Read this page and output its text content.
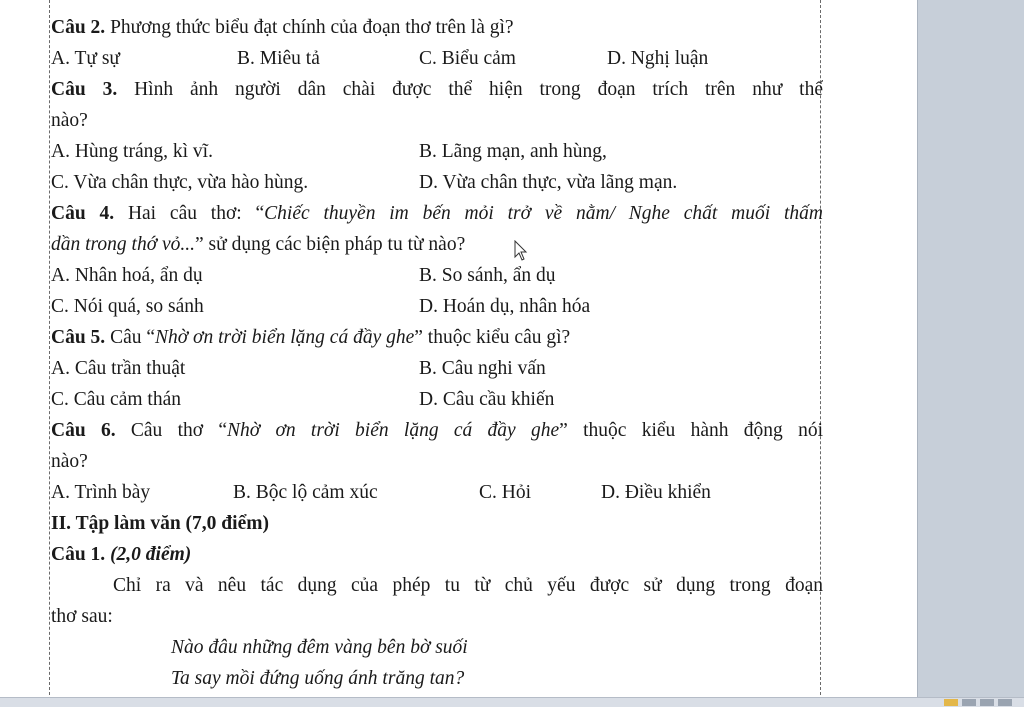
Câu 2. Phương thức biểu đạt chính của đoạn thơ trên là gì?
A. Tự sự	B. Miêu tả	C. Biểu cảm	D. Nghị luận
Câu 3. Hình ảnh người dân chài được thể hiện trong đoạn trích trên như thế
nào?
A. Hùng tráng, kì vĩ.	B. Lãng mạn, anh hùng,
C. Vừa chân thực, vừa hào hùng.	D. Vừa chân thực, vừa lãng mạn.
Câu 4. Hai câu thơ: “Chiếc thuyền im bến mỏi trở về nằm/ Nghe chất muối thấm
dần trong thớ vỏ...” sử dụng các biện pháp tu từ nào?
A. Nhân hoá, ẩn dụ	B. So sánh, ẩn dụ
C. Nói quá, so sánh	D. Hoán dụ, nhân hóa
Câu 5. Câu “Nhờ ơn trời biển lặng cá đầy ghe” thuộc kiểu câu gì?
A. Câu trần thuật	B. Câu nghi vấn
C. Câu cảm thán	D. Câu cầu khiến
Câu 6. Câu thơ “Nhờ ơn trời biển lặng cá đầy ghe” thuộc kiểu hành động nói
nào?
A. Trình bày	B. Bộc lộ cảm xúc	C. Hỏi	D. Điều khiển
II. Tập làm văn (7,0 điểm)
Câu 1. (2,0 điểm)
Chỉ ra và nêu tác dụng của phép tu từ chủ yếu được sử dụng trong đoạn
thơ sau:
Nào đâu những đêm vàng bên bờ suối
Ta say mồi đứng uống ánh trăng tan?
